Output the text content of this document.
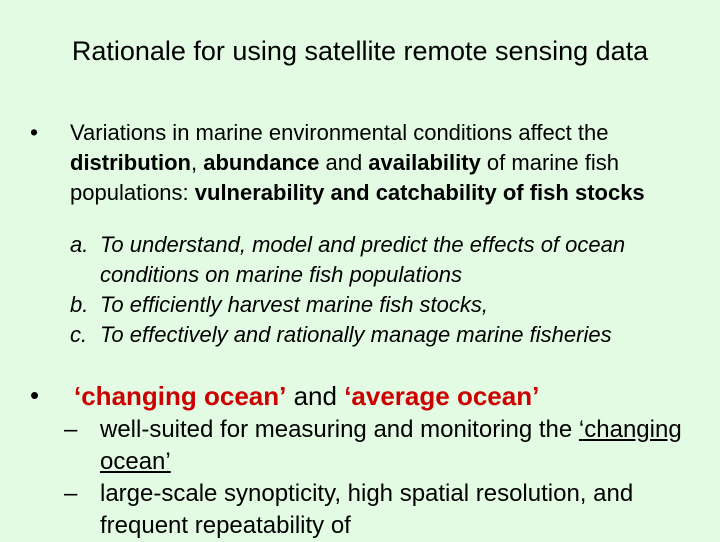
Rationale for using satellite remote sensing data
• Variations in marine environmental conditions affect the distribution, abundance and availability of marine fish populations: vulnerability and catchability of fish stocks
a. To understand, model and predict the effects of ocean conditions on marine fish populations
b. To efficiently harvest marine fish stocks,
c. To effectively and rationally manage marine fisheries
• ‘changing ocean’ and ‘average ocean’
– well-suited for measuring and monitoring the ‘changing ocean’
– large-scale synopticity, high spatial resolution, and frequent repeatability of
